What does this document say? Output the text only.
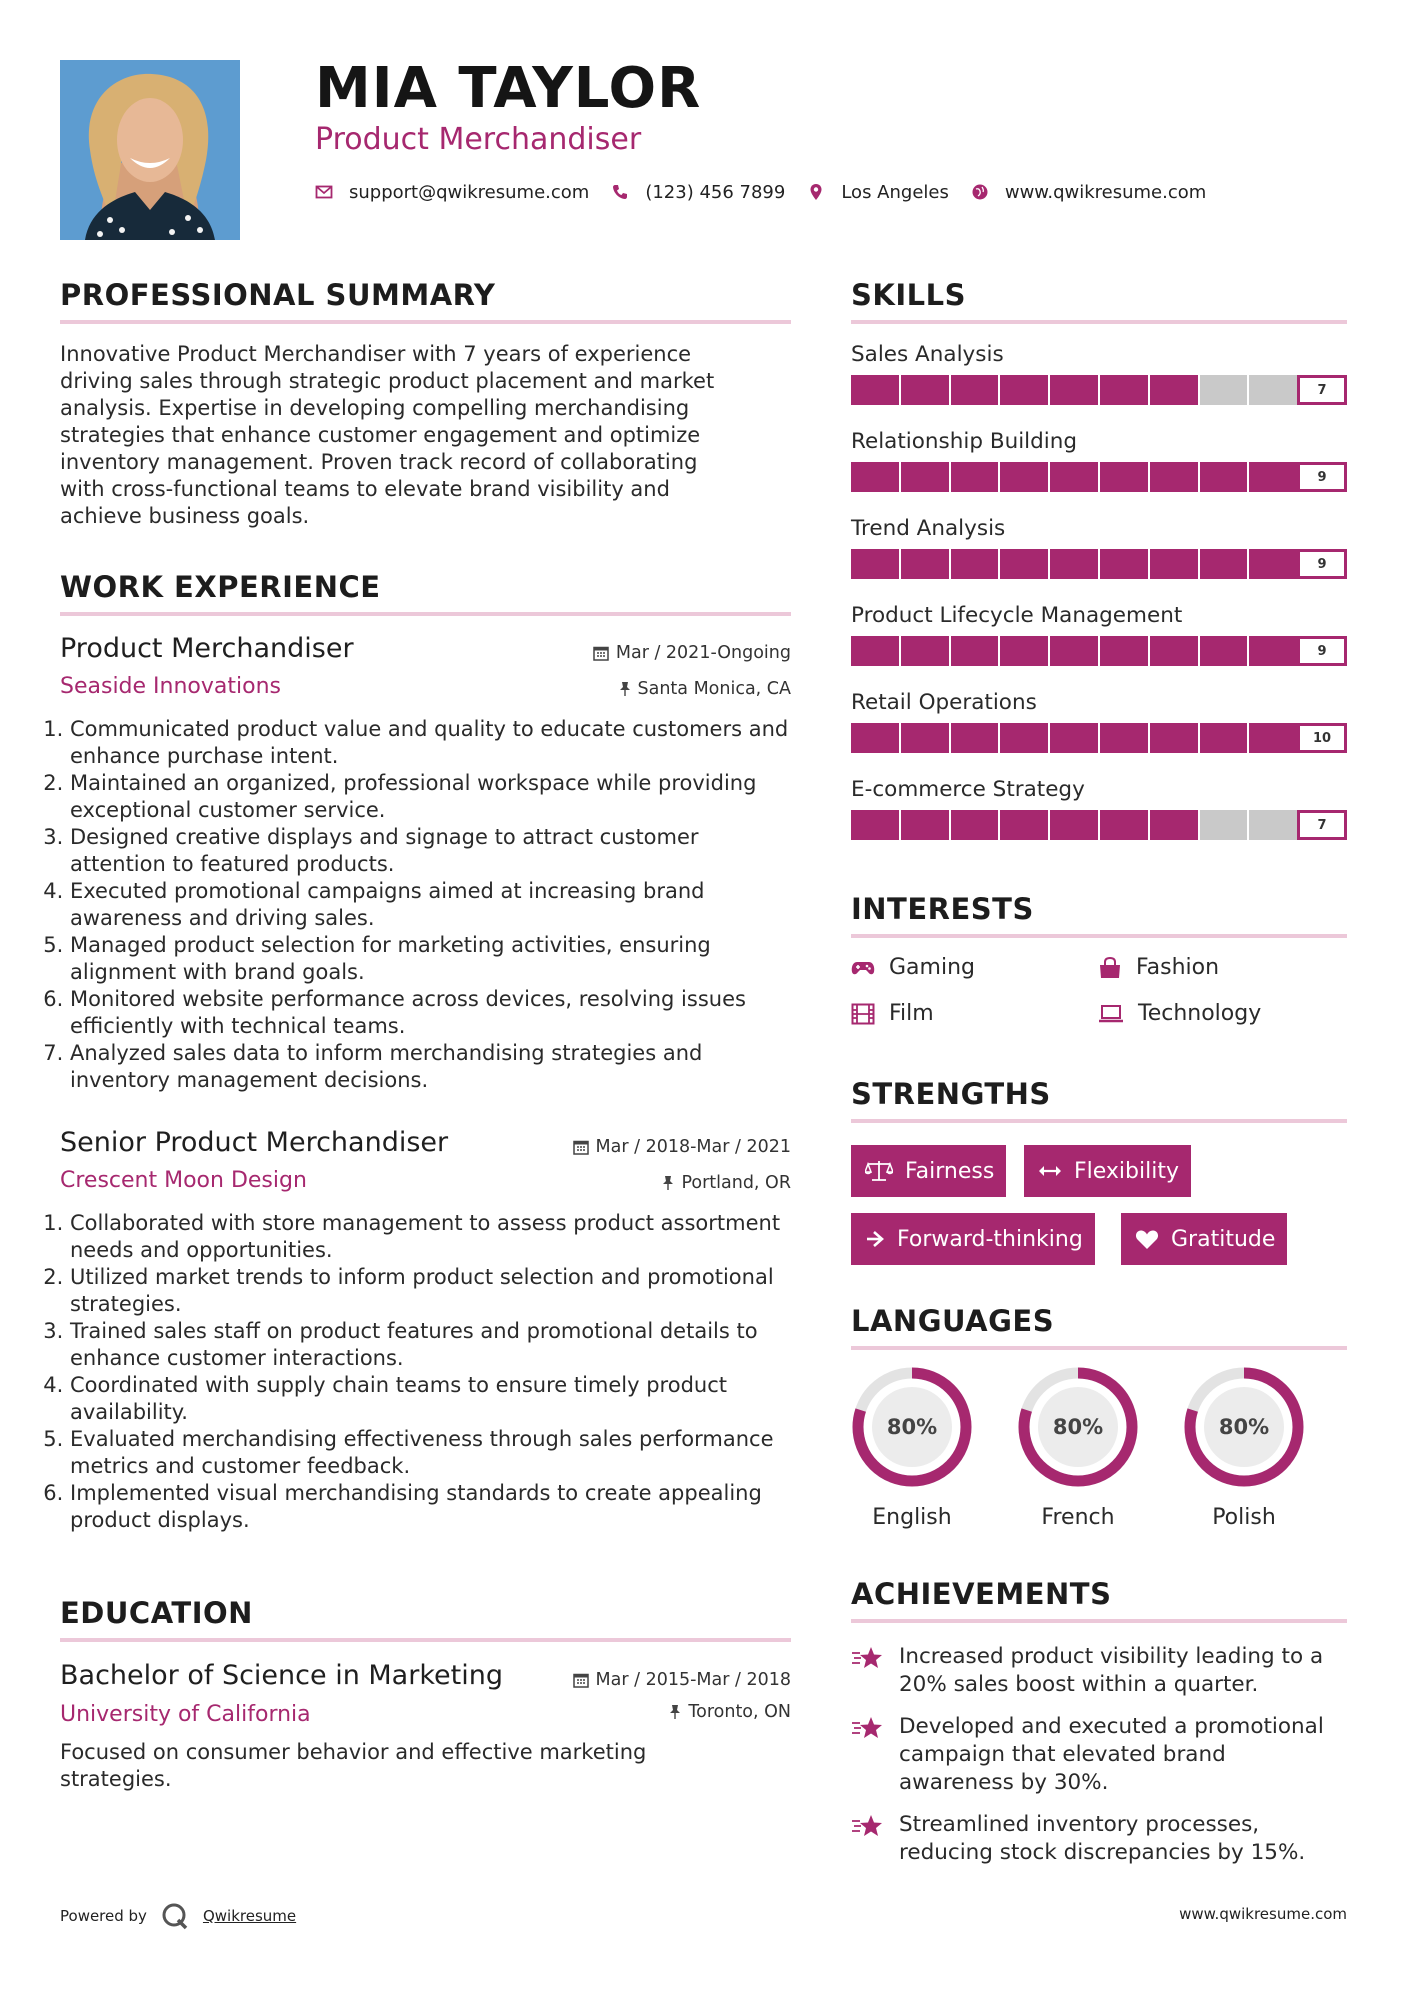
MIA TAYLOR
Product Merchandiser
support@qwikresume.com	(123) 456 7899	Los Angeles	www.qwikresume.com
PROFESSIONAL SUMMARY
Innovative Product Merchandiser with 7 years of experience
driving sales through strategic product placement and market
analysis. Expertise in developing compelling merchandising
strategies that enhance customer engagement and optimize
inventory management. Proven track record of collaborating
with cross-functional teams to elevate brand visibility and
achieve business goals.
WORK EXPERIENCE
Product Merchandiser	Mar / 2021-Ongoing
Seaside Innovations	Santa Monica, CA
1. Communicated product value and quality to educate customers and enhance purchase intent.
2. Maintained an organized, professional workspace while providing exceptional customer service.
3. Designed creative displays and signage to attract customer attention to featured products.
4. Executed promotional campaigns aimed at increasing brand awareness and driving sales.
5. Managed product selection for marketing activities, ensuring alignment with brand goals.
6. Monitored website performance across devices, resolving issues efficiently with technical teams.
7. Analyzed sales data to inform merchandising strategies and inventory management decisions.
Senior Product Merchandiser	Mar / 2018-Mar / 2021
Crescent Moon Design	Portland, OR
1. Collaborated with store management to assess product assortment needs and opportunities.
2. Utilized market trends to inform product selection and promotional strategies.
3. Trained sales staff on product features and promotional details to enhance customer interactions.
4. Coordinated with supply chain teams to ensure timely product availability.
5. Evaluated merchandising effectiveness through sales performance metrics and customer feedback.
6. Implemented visual merchandising standards to create appealing product displays.
EDUCATION
Bachelor of Science in Marketing	Mar / 2015-Mar / 2018
University of California	Toronto, ON
Focused on consumer behavior and effective marketing strategies.
SKILLS
Sales Analysis
7
Relationship Building
9
Trend Analysis
9
Product Lifecycle Management
9
Retail Operations
10
E-commerce Strategy
7
INTERESTS
Gaming	Fashion
Film	Technology
STRENGTHS
Fairness	Flexibility
Forward-thinking	Gratitude
LANGUAGES
80%
English
80%
French
80%
Polish
ACHIEVEMENTS
Increased product visibility leading to a 20% sales boost within a quarter.
Developed and executed a promotional campaign that elevated brand awareness by 30%.
Streamlined inventory processes, reducing stock discrepancies by 15%.
Powered by	Qwikresume	www.qwikresume.com
